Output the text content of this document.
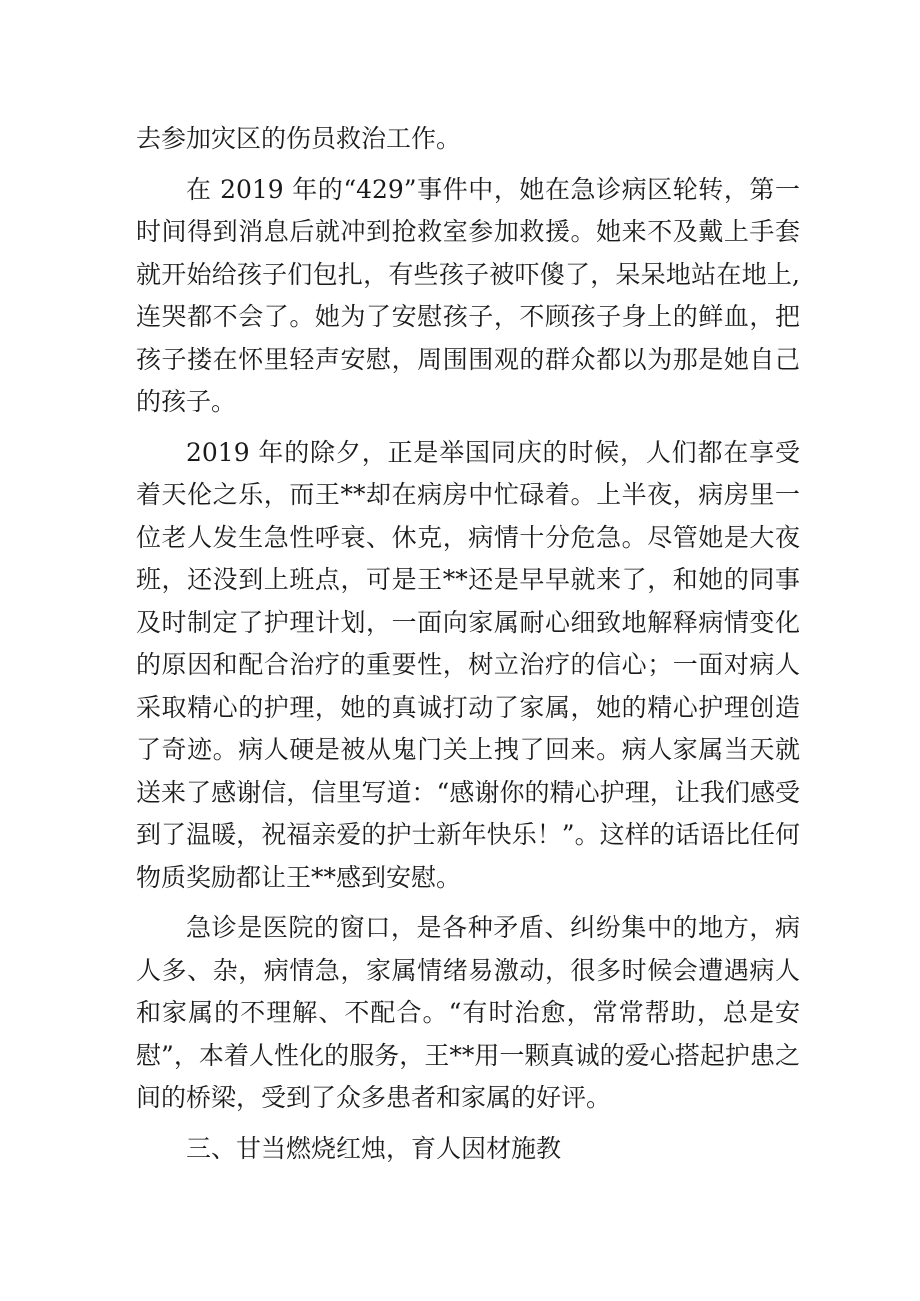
去参加灾区的伤员救治工作。

在 2019 年的“429”事件中，她在急诊病区轮转，第一时间得到消息后就冲到抢救室参加救援。她来不及戴上手套就开始给孩子们包扎，有些孩子被吓傻了，呆呆地站在地上,连哭都不会了。她为了安慰孩子，不顾孩子身上的鲜血，把孩子搂在怀里轻声安慰，周围围观的群众都以为那是她自己的孩子。

2019 年的除夕，正是举国同庆的时候，人们都在享受着天伦之乐，而王**却在病房中忙碌着。上半夜，病房里一位老人发生急性呼衰、休克，病情十分危急。尽管她是大夜班，还没到上班点，可是王**还是早早就来了，和她的同事及时制定了护理计划，一面向家属耐心细致地解释病情变化的原因和配合治疗的重要性，树立治疗的信心；一面对病人采取精心的护理，她的真诚打动了家属，她的精心护理创造了奇迹。病人硬是被从鬼门关上拽了回来。病人家属当天就送来了感谢信，信里写道：“感谢你的精心护理，让我们感受到了温暖，祝福亲爱的护士新年快乐！”。这样的话语比任何物质奖励都让王**感到安慰。

急诊是医院的窗口，是各种矛盾、纠纷集中的地方，病人多、杂，病情急，家属情绪易激动，很多时候会遭遇病人和家属的不理解、不配合。“有时治愈，常常帮助，总是安慰”，本着人性化的服务，王**用一颗真诚的爱心搭起护患之间的桥梁，受到了众多患者和家属的好评。

三、甘当燃烧红烛，育人因材施教
